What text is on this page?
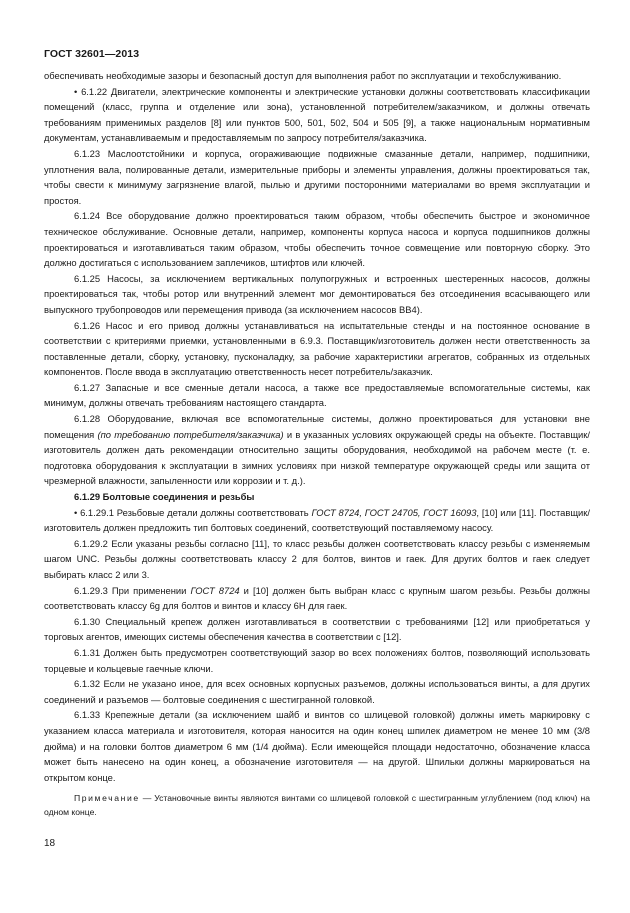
ГОСТ 32601—2013

обеспечивать необходимые зазоры и безопасный доступ для выполнения работ по эксплуатации и техобслуживанию.

• 6.1.22 Двигатели, электрические компоненты и электрические установки должны соответствовать классификации помещений (класс, группа и отделение или зона), установленной потребителем/заказчиком, и должны отвечать требованиям применимых разделов [8] или пунктов 500, 501, 502, 504 и 505 [9], а также национальным нормативным документам, устанавливаемым и предоставляемым по запросу потребителя/заказчика.

6.1.23 Маслоотстойники и корпуса, огораживающие подвижные смазанные детали, например, подшипники, уплотнения вала, полированные детали, измерительные приборы и элементы управления, должны проектироваться так, чтобы свести к минимуму загрязнение влагой, пылью и другими посторонними материалами во время эксплуатации и простоя.

6.1.24 Все оборудование должно проектироваться таким образом, чтобы обеспечить быстрое и экономичное техническое обслуживание. Основные детали, например, компоненты корпуса насоса и корпуса подшипников должны проектироваться и изготавливаться таким образом, чтобы обеспечить точное совмещение или повторную сборку. Это должно достигаться с использованием заплечиков, штифтов или ключей.

6.1.25 Насосы, за исключением вертикальных полупогружных и встроенных шестеренных насосов, должны проектироваться так, чтобы ротор или внутренний элемент мог демонтироваться без отсоединения всасывающего или выпускного трубопроводов или перемещения привода (за исключением насосов ВВ4).

6.1.26 Насос и его привод должны устанавливаться на испытательные стенды и на постоянное основание в соответствии с критериями приемки, установленными в 6.9.3. Поставщик/изготовитель должен нести ответственность за поставленные детали, сборку, установку, пусконаладку, за рабочие характеристики агрегатов, собранных из отдельных компонентов. После ввода в эксплуатацию ответственность несет потребитель/заказчик.

6.1.27 Запасные и все сменные детали насоса, а также все предоставляемые вспомогательные системы, как минимум, должны отвечать требованиям настоящего стандарта.

6.1.28 Оборудование, включая все вспомогательные системы, должно проектироваться для установки вне помещения (по требованию потребителя/заказчика) и в указанных условиях окружающей среды на объекте. Поставщик/изготовитель должен дать рекомендации относительно защиты оборудования, необходимой на рабочем месте (т. е. подготовка оборудования к эксплуатации в зимних условиях при низкой температуре окружающей среды или защита от чрезмерной влажности, запыленности или коррозии и т. д.).

6.1.29 Болтовые соединения и резьбы

• 6.1.29.1 Резьбовые детали должны соответствовать ГОСТ 8724, ГОСТ 24705, ГОСТ 16093, [10] или [11]. Поставщик/изготовитель должен предложить тип болтовых соединений, соответствующий поставляемому насосу.

6.1.29.2 Если указаны резьбы согласно [11], то класс резьбы должен соответствовать классу резьбы с изменяемым шагом UNC. Резьбы должны соответствовать классу 2 для болтов, винтов и гаек. Для других болтов и гаек следует выбирать класс 2 или 3.

6.1.29.3 При применении ГОСТ 8724 и [10] должен быть выбран класс с крупным шагом резьбы. Резьбы должны соответствовать классу 6g для болтов и винтов и классу 6H для гаек.

6.1.30 Специальный крепеж должен изготавливаться в соответствии с требованиями [12] или приобретаться у торговых агентов, имеющих системы обеспечения качества в соответствии с [12].

6.1.31 Должен быть предусмотрен соответствующий зазор во всех положениях болтов, позволяющий использовать торцевые и кольцевые гаечные ключи.

6.1.32 Если не указано иное, для всех основных корпусных разъемов, должны использоваться винты, а для других соединений и разъемов — болтовые соединения с шестигранной головкой.

6.1.33 Крепежные детали (за исключением шайб и винтов со шлицевой головкой) должны иметь маркировку с указанием класса материала и изготовителя, которая наносится на один конец шпилек диаметром не менее 10 мм (3/8 дюйма) и на головки болтов диаметром 6 мм (1/4 дюйма). Если имеющейся площади недостаточно, обозначение класса может быть нанесено на один конец, а обозначение изготовителя — на другой. Шпильки должны маркироваться на открытом конце.

Примечание — Установочные винты являются винтами со шлицевой головкой с шестигранным углублением (под ключ) на одном конце.

18
